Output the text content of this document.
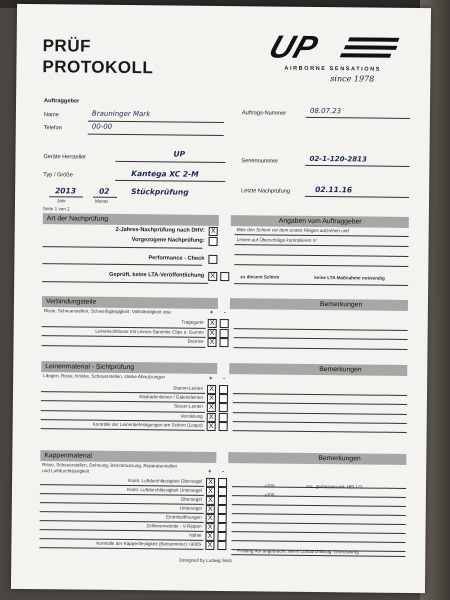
PRÜF
PROTOKOLL
UP
AIRBORNE SENSATIONS
since 1978
Auftraggeber
Name	Brauninger Mark
Telefon	00-00
Auftrags-Nummer	08.07.23
Geräte Hersteller	UP
Typ / Größe	Kantega XC 2-M
Seriennummer	02-1-120-2813
2013	02	Stückprüfung
Jahr	Monat
Seite 1 von 2
Letzte Nachprüfung	02.11.16
Art der Nachprüfung	Angaben vom Auftraggeber
2-Jahres-Nachprüfung nach DHV: X
Vorgezogene Nachprüfung:
Performance - Check
Bitte den Schirm vor dem ersten Fliegen aufziehen und
Leinen auf Überschläge kontrollieren !!!
Geprüft, keine LTA-Veröffentlichung X	zu diesem Schirm	keine LTA Maßnahme notwendig
Verbindungsteile	Bemerkungen
Risse, Scheuerstellen, Schweißgängigkeit, Vollständigkeit usw.	+ -
Tragegurte X
Leinenschlösser mit Leinen-Sammler Clips o. Gummi X
Bremse X
Leinenmaterial - Sichtprüfung	Bemerkungen
Längen, Risse, Knicke, Scheuerstellen, starke Abnutzungen	+ -
Stamm-Leinen X
Kaskadenleinen / Galerieleinen X
Steuer-Leinen X
Vernähung X
Kontrolle der Leinenbefestigungen am Schirm (Loops) X
Kappenmaterial	Bemerkungen
Risse, Scheuerstellen, Dehnung, Beschmutzung, Reparaturstellen
und Luftdurchlässigkeit	+ -
Kontr. Luftdurchlässigkeit Obersegel X
Kontr. Luftdurchlässigkeit Untersegel X
Obersegel X
Untersegel X
Eintrittsöffnungen X
Zellinnenwände - V-Rippen X
Nähte X
Kontrolle der Kappenfestigkeit (Bettsometer) >300S X
>200	sec. gemessen mit: HELLO
>200
Prüfung nur angebracht, wenn Luftdurchlässig. Grenzwertig
Designed by Ludwig Seitz
